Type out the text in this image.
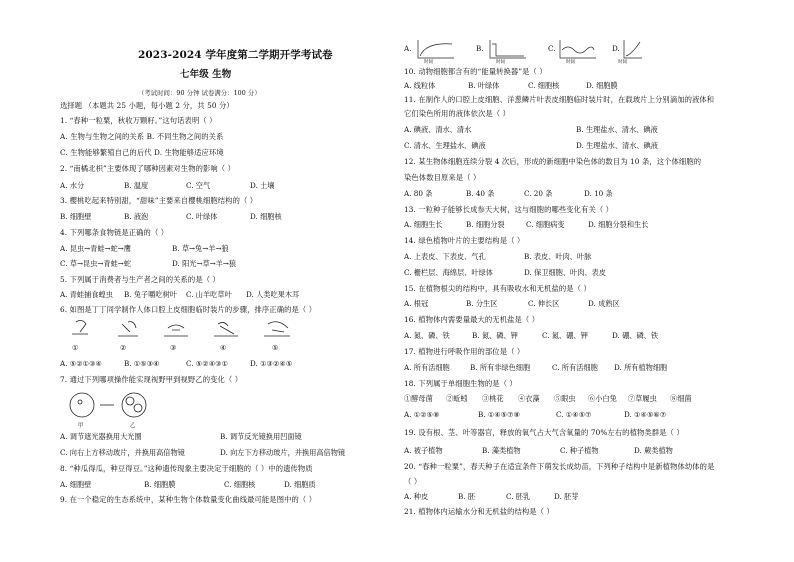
2023-2024 学年度第二学期开学考试卷
七年级 生物
（考试时间：90 分钟 试卷满分：100 分）
选择题 （本题共 25 小题，每小题 2 分，共 50 分）
1. “春种一粒粟，秋收万颗籽。”这句话表明（ ）
A. 生物与生物之间的关系 B. 不同生物之间的关系
C. 生物能够繁殖自己的后代 D. 生物能够适应环境
2. “南橘北枳”主要体现了哪种因素对生物的影响（ ）
A. 水分	B. 温度	C. 空气	D. 土壤
3. 樱桃吃起来特别甜，“甜味”主要来自樱桃细胞结构的（ ）
B. 细胞壁	B. 液泡	C. 叶绿体	D. 细胞核
4. 下列哪条食物链是正确的（ ）
A. 昆虫→青蛙→蛇→鹰	B. 草→兔→羊→狼
C. 草→昆虫→青蛙→蛇	D. 阳光→草→羊→狼
5. 下列属于消费者与生产者之间的关系的是（ ）
A. 青蛙捕食蝗虫 B. 兔子嚼吃树叶 C. 山羊吃草叶 D. 人类吃果木耳
6. 如图是丁丁同学制作人体口腔上皮细胞临时装片的步骤，排序正确的是（ ）
①	②	③	④	⑤
A. ⑤②①③④	B. ①⑤③④	C. ⑤②④③①	D. ①③②④⑤
7. 通过下列哪项操作能实现视野甲到视野乙的变化（ ）
甲	乙
A. 调节遮光器换用大光圈	B. 调节反光镜换用凹面镜
C. 向右上方移动玻片，并换用高倍物镜	D. 向左下方移动玻片，并换用高倍物镜
8. “种瓜得瓜，种豆得豆。”这种遗传现象主要决定于细胞的（ ）中的遗传物质
A. 细胞壁	B. 细胞膜	C. 细胞核	D. 细胞质
9. 在一个稳定的生态系统中，某种生物个体数量变化曲线最可能是图中的（ ）
A.	B.	C.	D.
时间	时间	时间	时间
10. 动物细胞都含有的“能量转换器”是（ ）
A. 线粒体	B. 叶绿体	C. 细胞核	D. 细胞膜
11. 在制作人的口腔上皮细胞、洋葱鳞片叶表皮细胞临时装片时，在载玻片上分别滴加的液体和
它们染色所用的液体依次是（ ）
A. 碘液、清水、清水	B. 生理盐水、清水、碘液
C. 清水、生理盐水、碘液	D. 生理盐水、清水、碘液
12. 某生物体细胞连续分裂 4 次后，形成的新细胞中染色体的数目为 10 条，这个体细胞的
染色体数目原来是（ ）
A. 80 条	B. 40 条	C. 20 条	D. 10 条
13. 一粒种子能够长成参天大树，这与细胞的哪些变化有关（ ）
A. 细胞生长	B. 细胞分裂	C. 细胞病变	D. 细胞分裂和生长
14. 绿色植物叶片的主要结构是（ ）
A. 上表皮、下表皮、气孔	B. 表皮、叶肉、叶脉
C. 栅栏层、海绵层、叶绿体	D. 保卫细胞、叶肉、表皮
15. 在植物根尖的结构中，具有吸收水和无机盐的是（ ）
A. 根冠	B. 分生区	C. 伸长区	D. 成熟区
16. 植物体内需要量最大的无机盐是（ ）
A. 氮、磷、铁	B. 氮、磷、钾	C. 氮、硼、钾	D. 硼、磷、铁
17. 植物进行呼吸作用的部位是（ ）
A. 所有活细胞	B. 所有非绿色细胞	C. 所有活细胞 D. 所有植物细胞
18. 下列属于单细胞生物的是（ ）
①酵母菌 ②蚯蚓 ③桃花 ④衣藻 ⑤眼虫 ⑥小白兔 ⑦草履虫 ⑧细菌
A. ①②⑤⑧	B. ①④⑤⑦⑧	C. ①④⑤⑦	D. ①④⑤⑥⑦
19. 设有根、茎、叶等器官，释放的氧气占大气含氧量的 70%左右的植物类群是（ ）
A. 被子植物	B. 藻类植物	C. 种子植物	D. 蕨类植物
20. “春种一粒粟”，春天种子在适宜条件下萌发长成幼苗，下列种子结构中是新植物体幼体的是
（ ）
A. 种皮	B. 胚	C. 胚乳	D. 胚芽
21. 植物体内运输水分和无机盐的结构是（ ）
